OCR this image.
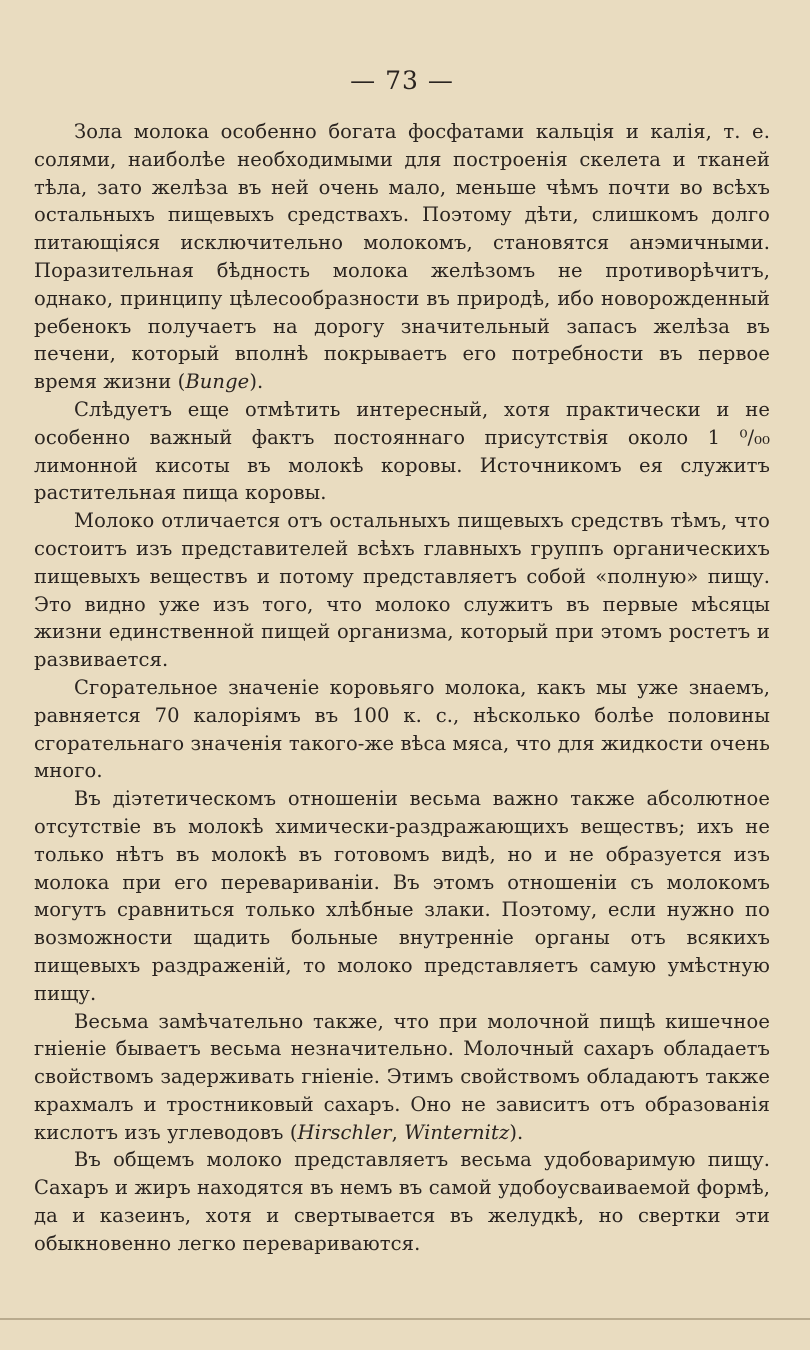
— 73 —

Зола молока особенно богата фосфатами кальція и калія, т. е. солями, наиболѣе необходимыми для построенія скелета и тканей тѣла, зато желѣза въ ней очень мало, меньше чѣмъ почти во всѣхъ остальныхъ пищевыхъ средствахъ. Поэтому дѣти, слишкомъ долго питающіяся исключительно молокомъ, становятся анэмичными. Поразительная бѣдность молока желѣзомъ не противорѣчитъ, однако, принципу цѣлесообразности въ природѣ, ибо новорожденный ребенокъ получаетъ на дорогу значительный запасъ желѣза въ печени, который вполнѣ покрываетъ его потребности въ первое время жизни (Bunge).

Слѣдуетъ еще отмѣтить интересный, хотя практически и не особенно важный фактъ постояннаго присутствія около 1 ⁰/₀₀ лимонной кисоты въ молокѣ коровы. Источникомъ ея служитъ растительная пища коровы.

Молоко отличается отъ остальныхъ пищевыхъ средствъ тѣмъ, что состоитъ изъ представителей всѣхъ главныхъ группъ органическихъ пищевыхъ веществъ и потому представляетъ собой «полную» пищу. Это видно уже изъ того, что молоко служитъ въ первые мѣсяцы жизни единственной пищей организма, который при этомъ ростетъ и развивается.

Сгорательное значеніе коровьяго молока, какъ мы уже знаемъ, равняется 70 калоріямъ въ 100 к. с., нѣсколько болѣе половины сгорательнаго значенія такого-же вѣса мяса, что для жидкости очень много.

Въ діэтетическомъ отношеніи весьма важно также абсолютное отсутствіе въ молокѣ химически-раздражающихъ веществъ; ихъ не только нѣтъ въ молокѣ въ готовомъ видѣ, но и не образуется изъ молока при его перевариваніи. Въ этомъ отношеніи съ молокомъ могутъ сравниться только хлѣбные злаки. Поэтому, если нужно по возможности щадить больные внутренніе органы отъ всякихъ пищевыхъ раздраженій, то молоко представляетъ самую умѣстную пищу.

Весьма замѣчательно также, что при молочной пищѣ кишечное гніеніе бываетъ весьма незначительно. Молочный сахаръ обладаетъ свойствомъ задерживать гніеніе. Этимъ свойствомъ обладаютъ также крахмалъ и тростниковый сахаръ. Оно не зависитъ отъ образованія кислотъ изъ углеводовъ (Hirschler, Winternitz).

Въ общемъ молоко представляетъ весьма удобоваримую пищу. Сахаръ и жиръ находятся въ немъ въ самой удобоусваиваемой формѣ, да и казеинъ, хотя и свертывается въ желудкѣ, но свертки эти обыкновенно легко перевариваются.
